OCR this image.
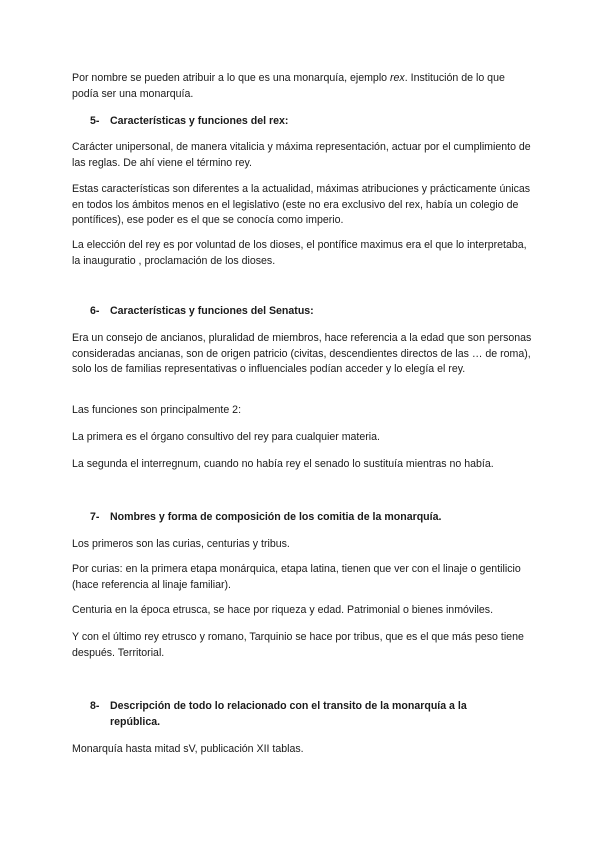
Por nombre se pueden atribuir a lo que es una monarquía, ejemplo rex. Institución de lo que podía ser una monarquía.

5- Características y funciones del rex:

Carácter unipersonal, de manera vitalicia y máxima representación, actuar por el cumplimiento de las reglas. De ahí viene el término rey.

Estas características son diferentes a la actualidad, máximas atribuciones y prácticamente únicas en todos los ámbitos menos en el legislativo (este no era exclusivo del rex, había un colegio de pontífices), ese poder es el que se conocía como imperio.

La elección del rey es por voluntad de los dioses, el pontífice maximus era el que lo interpretaba, la inauguratio , proclamación de los dioses.

6- Características y funciones del Senatus:

Era un consejo de ancianos, pluralidad de miembros, hace referencia a la edad que son personas consideradas ancianas, son de origen patricio (civitas, descendientes directos de las … de roma), solo los de familias representativas o influenciales podían acceder y lo elegía el rey.

Las funciones son principalmente 2:

La primera es el órgano consultivo del rey para cualquier materia.

La segunda el interregnum, cuando no había rey el senado lo sustituía mientras no había.

7- Nombres y forma de composición de los comitia de la monarquía.

Los primeros son las curias, centurias y tribus.

Por curias: en la primera etapa monárquica, etapa latina, tienen que ver con el linaje o gentilicio (hace referencia al linaje familiar).

Centuria en la época etrusca, se hace por riqueza y edad. Patrimonial o bienes inmóviles.

Y con el último rey etrusco y romano, Tarquinio se hace por tribus, que es el que más peso tiene después. Territorial.

8- Descripción de todo lo relacionado con el transito de la monarquía a la república.

Monarquía hasta mitad sV, publicación XII tablas.
